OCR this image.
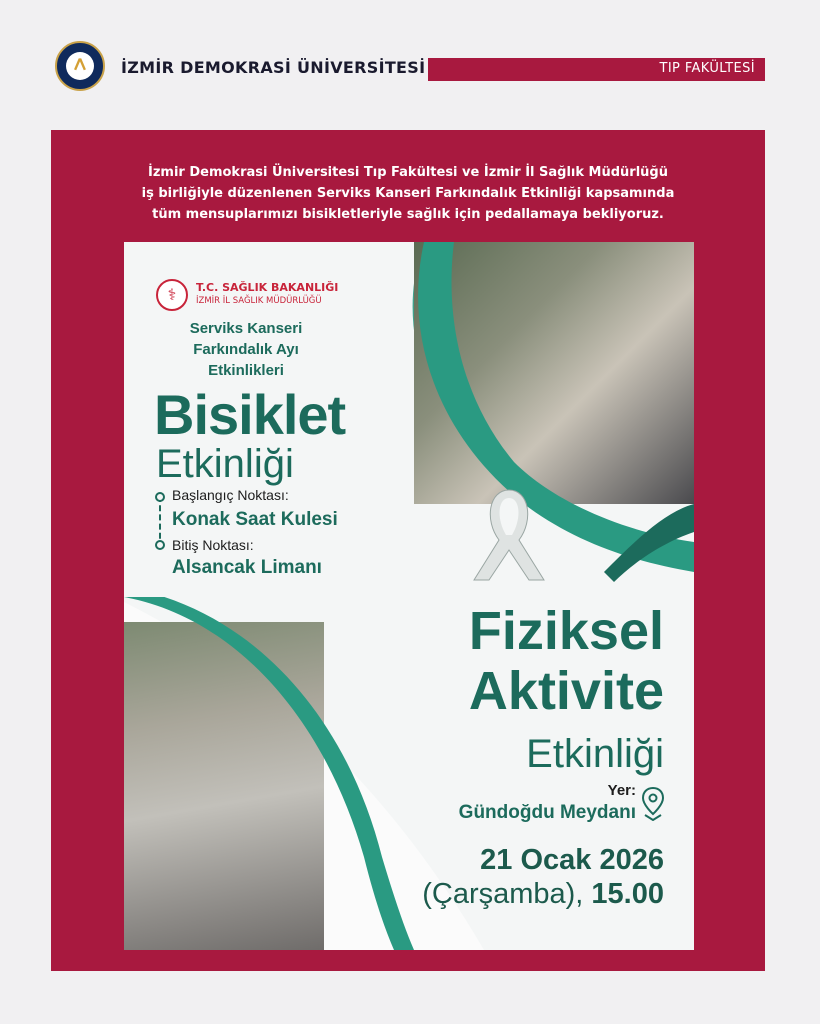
𐌡	İZMİR DEMOKRASİ ÜNİVERSİTESİ	TIP FAKÜLTESİ
İzmir Demokrasi Üniversitesi Tıp Fakültesi ve İzmir İl Sağlık Müdürlüğü
iş birliğiyle düzenlenen Serviks Kanseri Farkındalık Etkinliği kapsamında
tüm mensuplarımızı bisikletleriyle sağlık için pedallamaya bekliyoruz.
⚕
T.C. SAĞLIK BAKANLIĞI
İZMİR İL SAĞLIK MÜDÜRLÜĞÜ
Serviks Kanseri
Farkındalık Ayı
Etkinlikleri
Bisiklet
Etkinliği
Başlangıç Noktası:
Konak Saat Kulesi
Bitiş Noktası:
Alsancak Limanı
Fiziksel
Aktivite
Etkinliği
Yer:
Gündoğdu Meydanı
21 Ocak 2026
(Çarşamba), 15.00
